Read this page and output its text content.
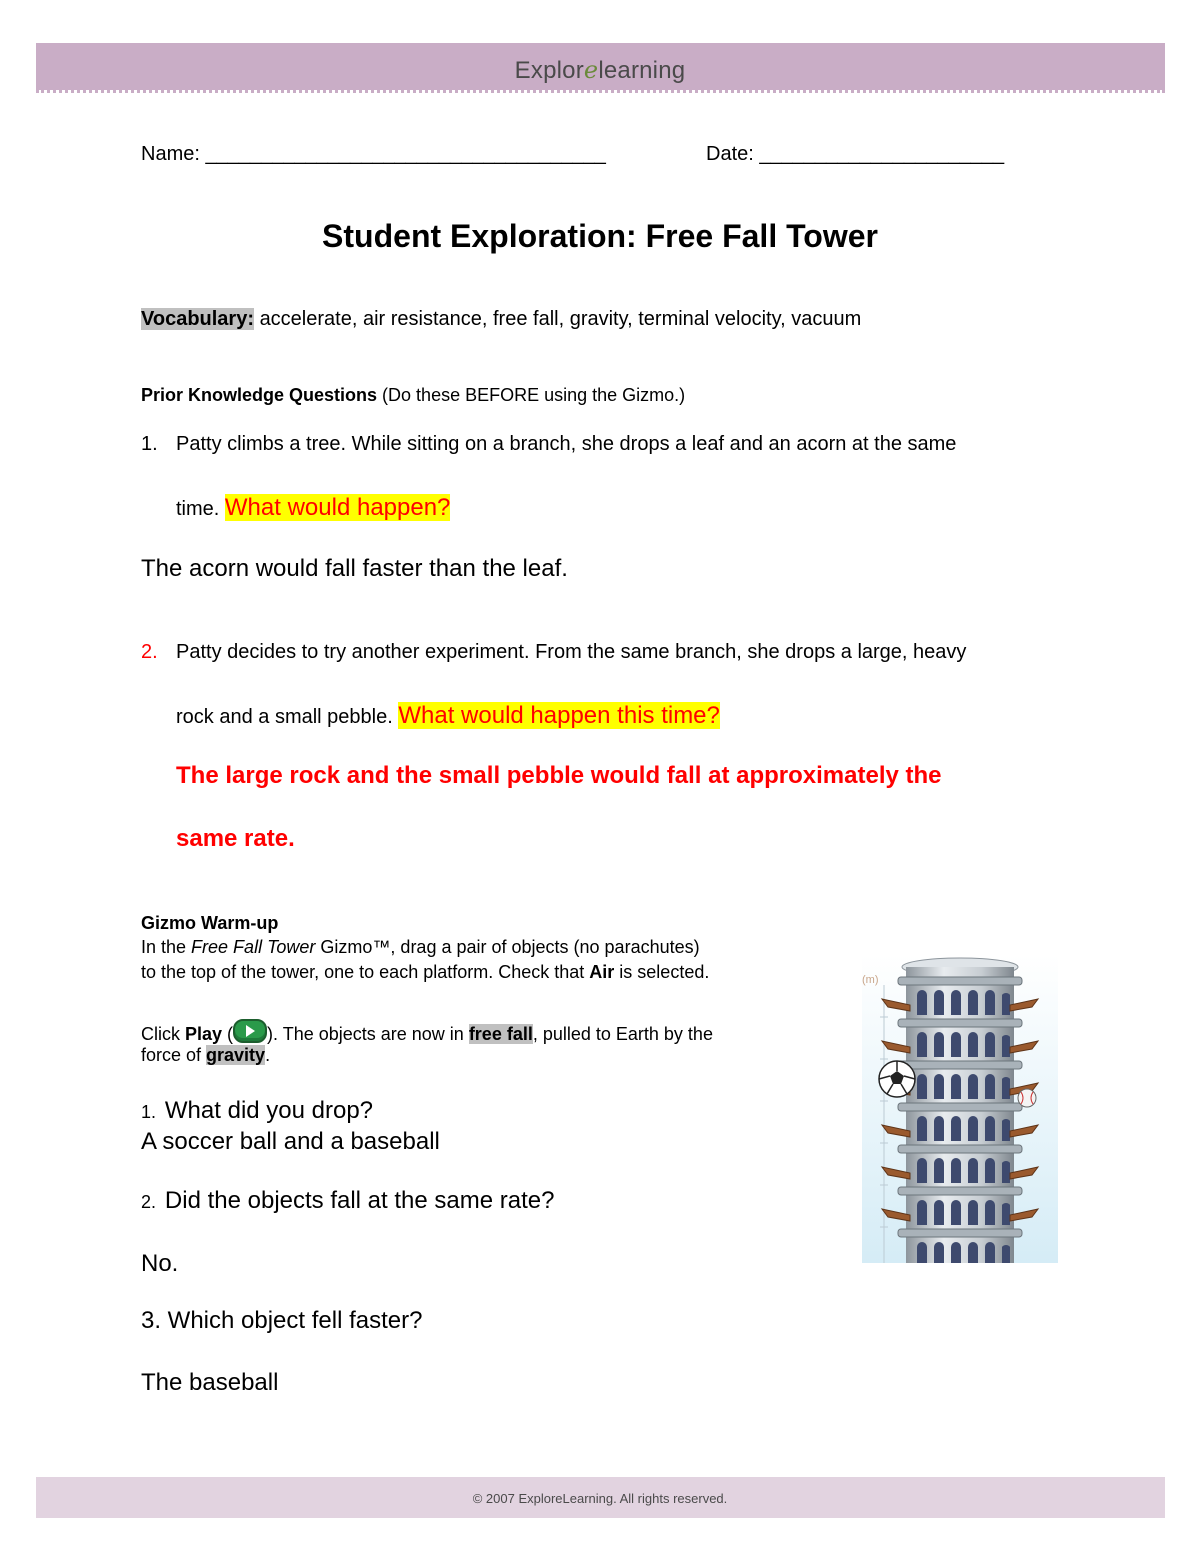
Explorelearning
Name: ____________________________________	Date: ______________________
Student Exploration: Free Fall Tower
Vocabulary: accelerate, air resistance, free fall, gravity, terminal velocity, vacuum
Prior Knowledge Questions (Do these BEFORE using the Gizmo.)
1. Patty climbs a tree. While sitting on a branch, she drops a leaf and an acorn at the same
time. What would happen?
The acorn would fall faster than the leaf.
2. Patty decides to try another experiment. From the same branch, she drops a large, heavy
rock and a small pebble. What would happen this time?
The large rock and the small pebble would fall at approximately the
same rate.
Gizmo Warm-up
In the Free Fall Tower Gizmo™, drag a pair of objects (no parachutes)
to the top of the tower, one to each platform. Check that Air is selected.
Click Play ( ). The objects are now in free fall, pulled to Earth by the
force of gravity.
1. What did you drop?
A soccer ball and a baseball
2. Did the objects fall at the same rate?
No.
3. Which object fell faster?
The baseball
(m)
© 2007 ExploreLearning. All rights reserved.
